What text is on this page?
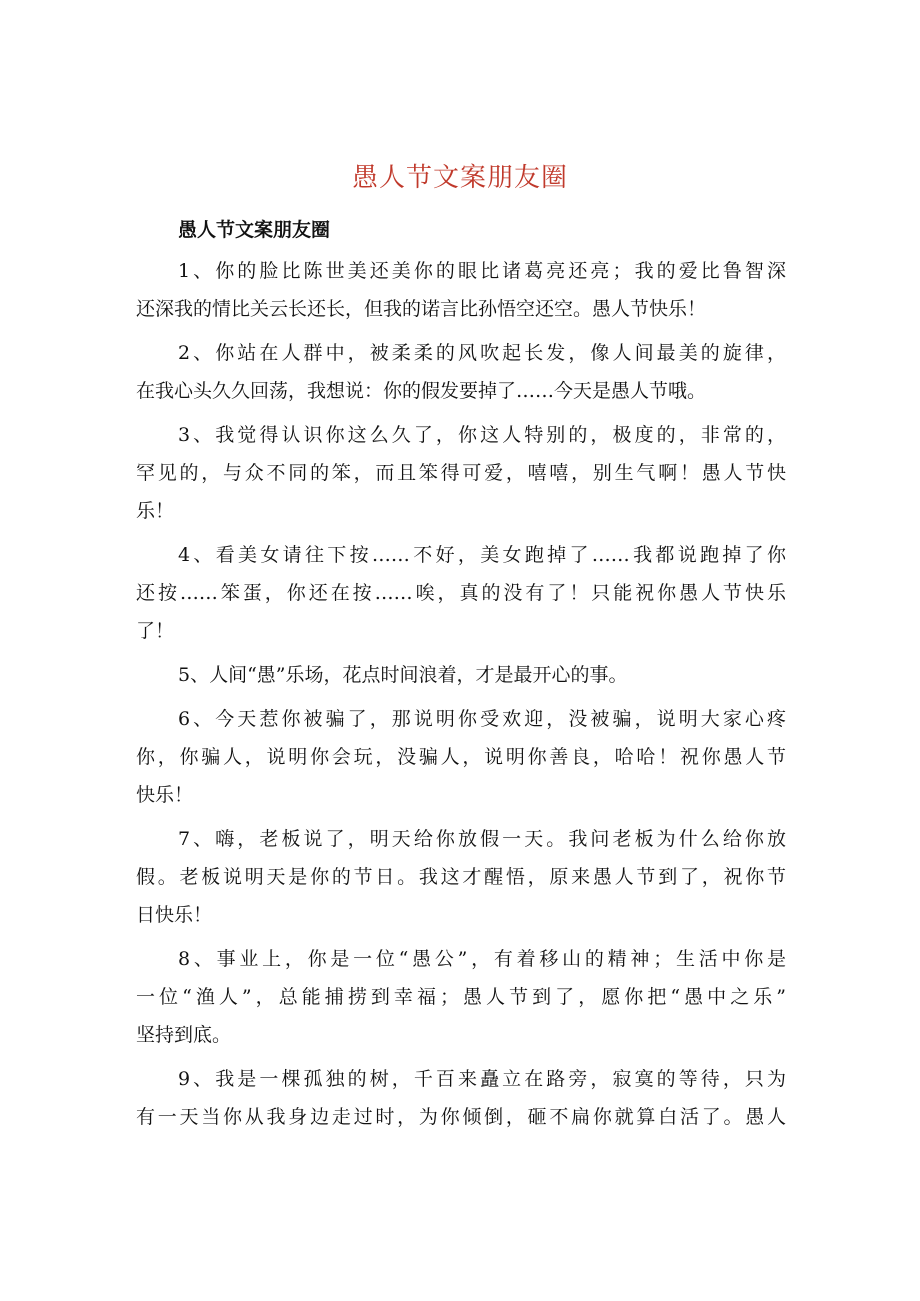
愚人节文案朋友圈
愚人节文案朋友圈
1、你的脸比陈世美还美你的眼比诸葛亮还亮；我的爱比鲁智深
还深我的情比关云长还长，但我的诺言比孙悟空还空。愚人节快乐！
2、你站在人群中，被柔柔的风吹起长发，像人间最美的旋律，
在我心头久久回荡，我想说：你的假发要掉了……今天是愚人节哦。
3、我觉得认识你这么久了，你这人特别的，极度的，非常的，
罕见的，与众不同的笨，而且笨得可爱，嘻嘻，别生气啊！愚人节快
乐！
4、看美女请往下按……不好，美女跑掉了……我都说跑掉了你
还按……笨蛋，你还在按……唉，真的没有了！只能祝你愚人节快乐
了！
5、人间“愚”乐场，花点时间浪着，才是最开心的事。
6、今天惹你被骗了，那说明你受欢迎，没被骗，说明大家心疼
你，你骗人，说明你会玩，没骗人，说明你善良，哈哈！祝你愚人节
快乐！
7、嗨，老板说了，明天给你放假一天。我问老板为什么给你放
假。老板说明天是你的节日。我这才醒悟，原来愚人节到了，祝你节
日快乐！
8、事业上，你是一位“愚公”，有着移山的精神；生活中你是
一位“渔人”，总能捕捞到幸福；愚人节到了，愿你把“愚中之乐”
坚持到底。
9、我是一棵孤独的树，千百来矗立在路旁，寂寞的等待，只为
有一天当你从我身边走过时，为你倾倒，砸不扁你就算白活了。愚人
